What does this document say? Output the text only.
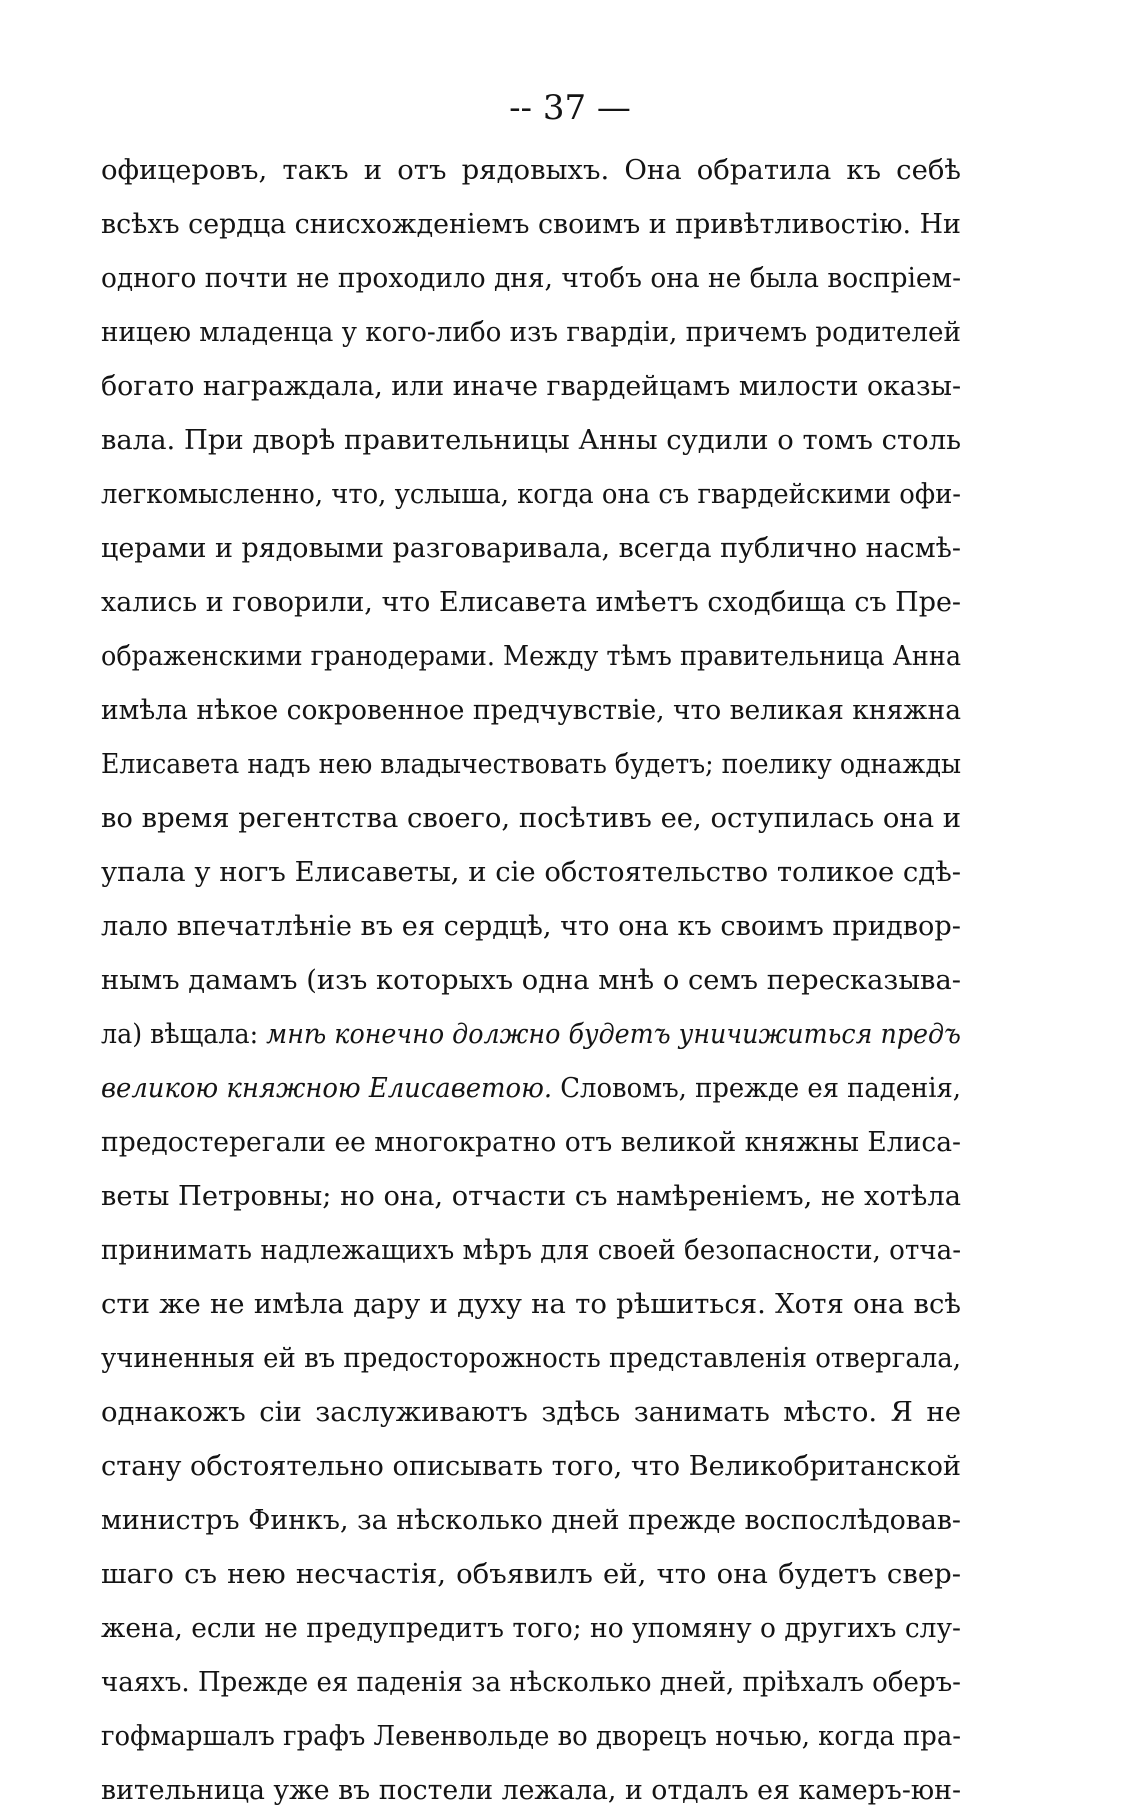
-- 37 —
офицеровъ, такъ и отъ рядовыхъ. Она обратила къ себѣ
всѣхъ сердца снисхожденіемъ своимъ и привѣтливостію. Ни
одного почти не проходило дня, чтобъ она не была воспріем-
ницею младенца у кого-либо изъ гвардіи, причемъ родителей
богато награждала, или иначе гвардейцамъ милости оказы-
вала. При дворѣ правительницы Анны судили о томъ столь
легкомысленно, что, услыша, когда она съ гвардейскими офи-
церами и рядовыми разговаривала, всегда публично насмѣ-
хались и говорили, что Елисавета имѣетъ сходбища съ Пре-
ображенскими гранодерами. Между тѣмъ правительница Анна
имѣла нѣкое сокровенное предчувствіе, что великая княжна
Елисавета надъ нею владычествовать будетъ; поелику однажды
во время регентства своего, посѣтивъ ее, оступилась она и
упала у ногъ Елисаветы, и сіе обстоятельство толикое сдѣ-
лало впечатлѣніе въ ея сердцѣ, что она къ своимъ придвор-
нымъ дамамъ (изъ которыхъ одна мнѣ о семъ пересказыва-
ла) вѣщала: мнѣ конечно должно будетъ уничижиться предъ
великою княжною Елисаветою. Словомъ, прежде ея паденія,
предостерегали ее многократно отъ великой княжны Елиса-
веты Петровны; но она, отчасти съ намѣреніемъ, не хотѣла
принимать надлежащихъ мѣръ для своей безопасности, отча-
сти же не имѣла дару и духу на то рѣшиться. Хотя она всѣ
учиненныя ей въ предосторожность представленія отвергала,
однакожъ сіи заслуживаютъ здѣсь занимать мѣсто. Я не
стану обстоятельно описывать того, что Великобританской
министръ Финкъ, за нѣсколько дней прежде воспослѣдовав-
шаго съ нею несчастія, объявилъ ей, что она будетъ свер-
жена, если не предупредитъ того; но упомяну о другихъ слу-
чаяхъ. Прежде ея паденія за нѣсколько дней, пріѣхалъ оберъ-
гофмаршалъ графъ Левенвольде во дворецъ ночью, когда пра-
вительница уже въ постели лежала, и отдалъ ея камеръ-юн-
